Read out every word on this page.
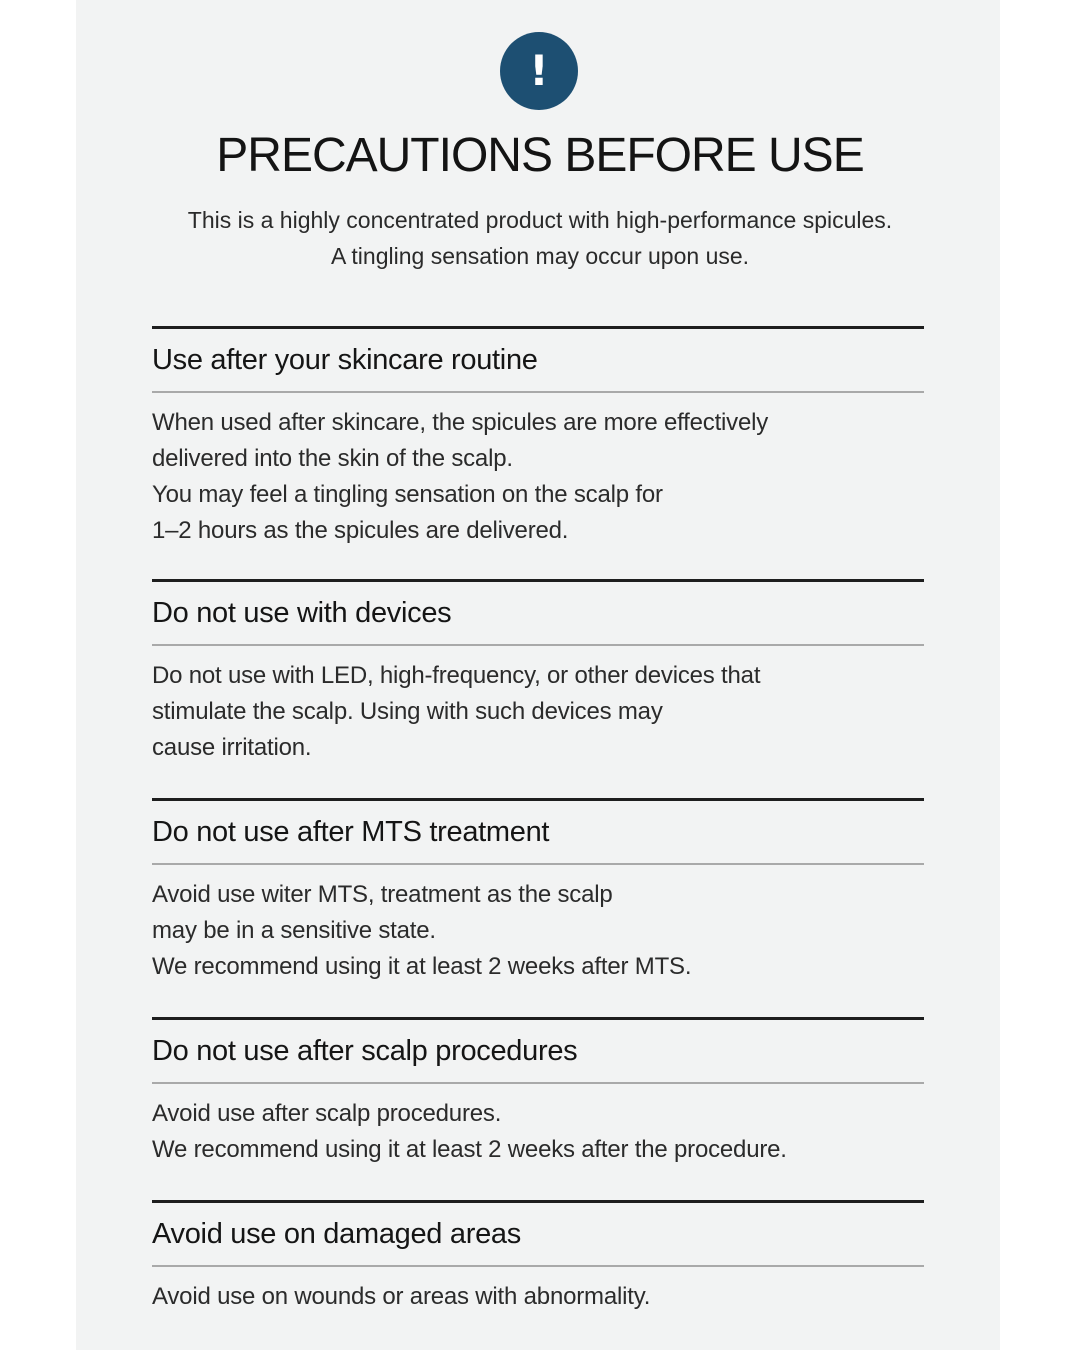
!
PRECAUTIONS BEFORE USE
This is a highly concentrated product with high-performance spicules.
A tingling sensation may occur upon use.
Use after your skincare routine
When used after skincare, the spicules are more effectively
delivered into the skin of the scalp.
You may feel a tingling sensation on the scalp for
1–2 hours as the spicules are delivered.
Do not use with devices
Do not use with LED, high-frequency, or other devices that
stimulate the scalp. Using with such devices may
cause irritation.
Do not use after MTS treatment
Avoid use witer MTS, treatment as the scalp
may be in a sensitive state.
We recommend using it at least 2 weeks after MTS.
Do not use after scalp procedures
Avoid use after scalp procedures.
We recommend using it at least 2 weeks after the procedure.
Avoid use on damaged areas
Avoid use on wounds or areas with abnormality.
